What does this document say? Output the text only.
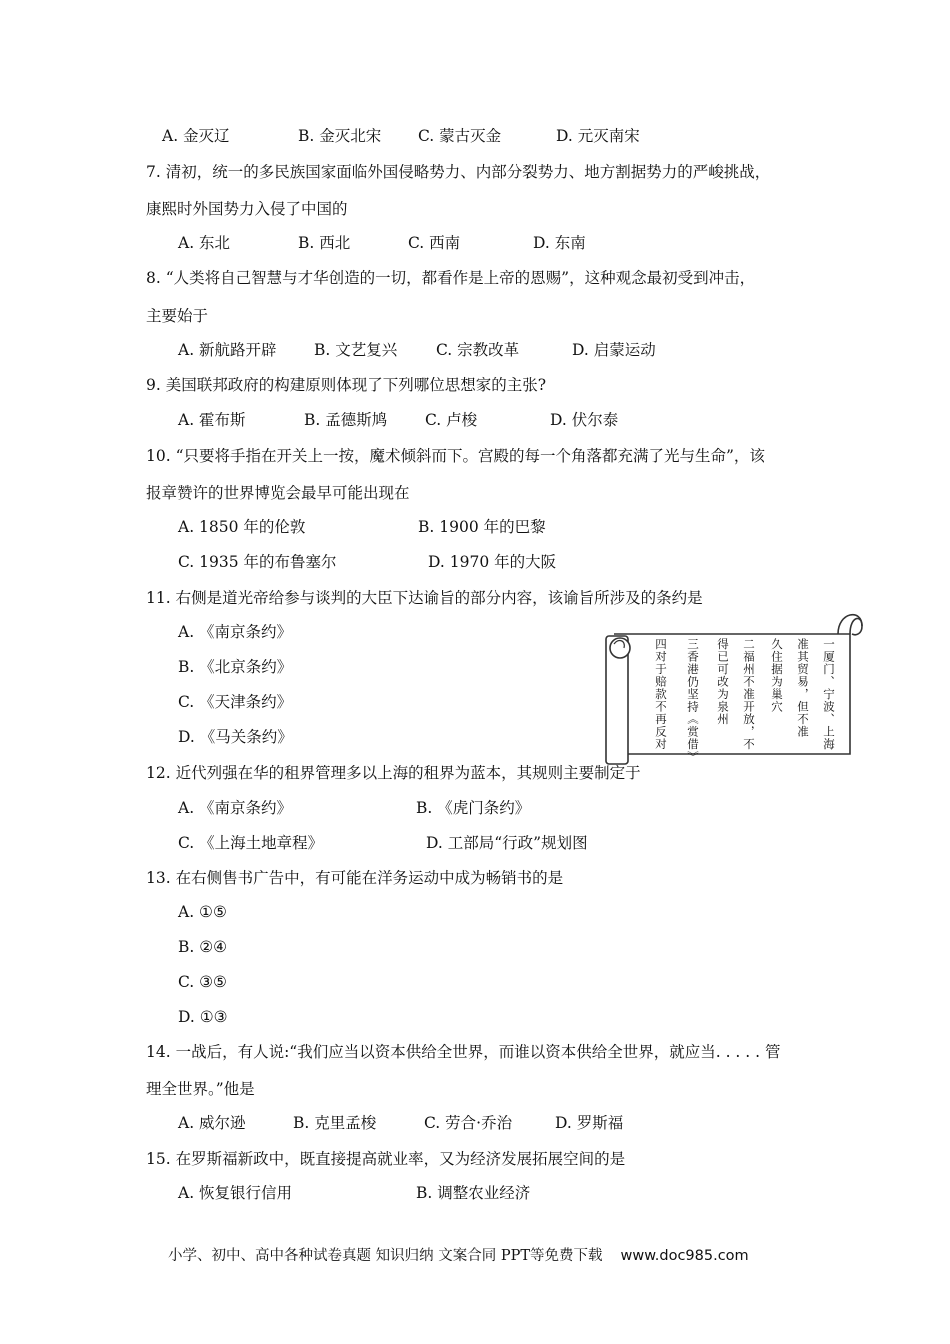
A. 金灭辽	B. 金灭北宋 C. 蒙古灭金	D. 元灭南宋
7. 清初，统一的多民族国家面临外国侵略势力、内部分裂势力、地方割据势力的严峻挑战，
康熙时外国势力入侵了中国的
A. 东北	B. 西北	C. 西南	D. 东南
8. “人类将自己智慧与才华创造的一切，都看作是上帝的恩赐”，这种观念最初受到冲击，
主要始于
A. 新航路开辟 B. 文艺复兴	C. 宗教改革	D. 启蒙运动
9. 美国联邦政府的构建原则体现了下列哪位思想家的主张?
A. 霍布斯	B. 孟德斯鸠 C. 卢梭	D. 伏尔泰
10. “只要将手指在开关上一按，魔术倾斜而下。宫殿的每一个角落都充满了光与生命”，该
报章赞许的世界博览会最早可能出现在
A. 1850 年的伦敦	B. 1900 年的巴黎
C. 1935 年的布鲁塞尔	D. 1970 年的大阪
11. 右侧是道光帝给参与谈判的大臣下达谕旨的部分内容，该谕旨所涉及的条约是
A. 《南京条约》
B. 《北京条约》
C. 《天津条约》
D. 《马关条约》	一厦门、宁波、上海
准其贸易，但不准
久住据为巢穴
二福州不准开放，不
得已可改为泉州
三香港仍坚持《赏借》
四对于赔款不再反对
12. 近代列强在华的租界管理多以上海的租界为蓝本，其规则主要制定于
A. 《南京条约》	B. 《虎门条约》
C. 《上海土地章程》	D. 工部局“行政”规划图
13. 在右侧售书广告中，有可能在洋务运动中成为畅销书的是
A. ①⑤
B. ②④
C. ③⑤
D. ①③
14. 一战后，有人说:“我们应当以资本供给全世界，而谁以资本供给全世界，就应当. . . . . 管
理全世界。”他是
A. 威尔逊	B. 克里孟梭	C. 劳合·乔治	D. 罗斯福
15. 在罗斯福新政中，既直接提高就业率，又为经济发展拓展空间的是
A. 恢复银行信用	B. 调整农业经济
小学、初中、高中各种试卷真题 知识归纳 文案合同 PPT等免费下载 www.doc985.com
